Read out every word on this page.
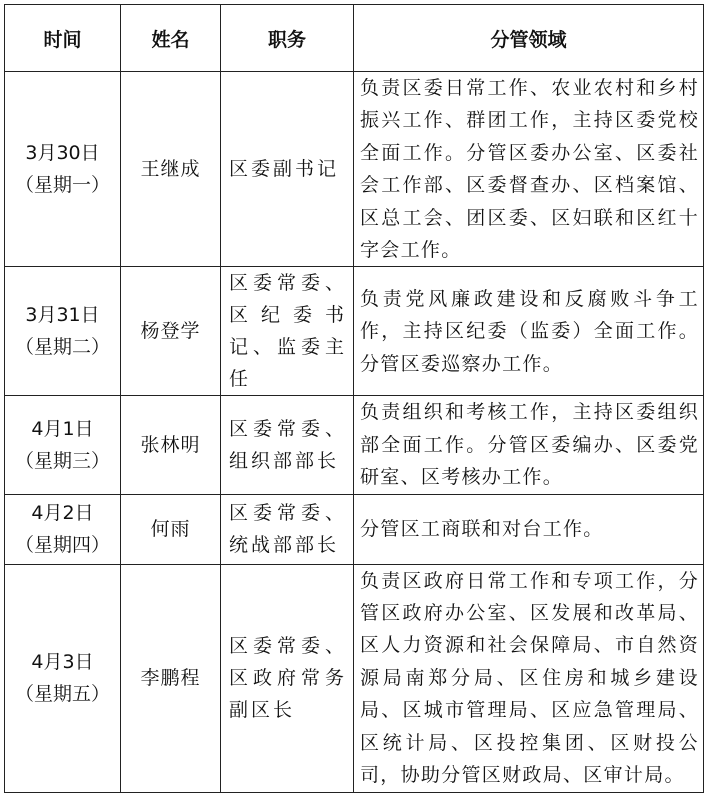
时间	姓名	职务	分管领域

3月30日
（星期一）	王继成	区委副书记	负责区委日常工作、农业农村和乡村振兴工作、群团工作，主持区委党校全面工作。分管区委办公室、区委社会工作部、区委督查办、区档案馆、区总工会、团区委、区妇联和区红十字会工作。

3月31日
（星期二）	杨登学	区委常委、区纪委书记、监委主任	负责党风廉政建设和反腐败斗争工作，主持区纪委（监委）全面工作。分管区委巡察办工作。

4月1日
（星期三）	张林明	区委常委、组织部部长	负责组织和考核工作，主持区委组织部全面工作。分管区委编办、区委党研室、区考核办工作。

4月2日
（星期四）	何雨	区委常委、统战部部长	分管区工商联和对台工作。

4月3日
（星期五）	李鹏程	区委常委、区政府常务副区长	负责区政府日常工作和专项工作，分管区政府办公室、区发展和改革局、区人力资源和社会保障局、市自然资源局南郑分局、区住房和城乡建设局、区城市管理局、区应急管理局、区统计局、区投控集团、区财投公司，协助分管区财政局、区审计局。
